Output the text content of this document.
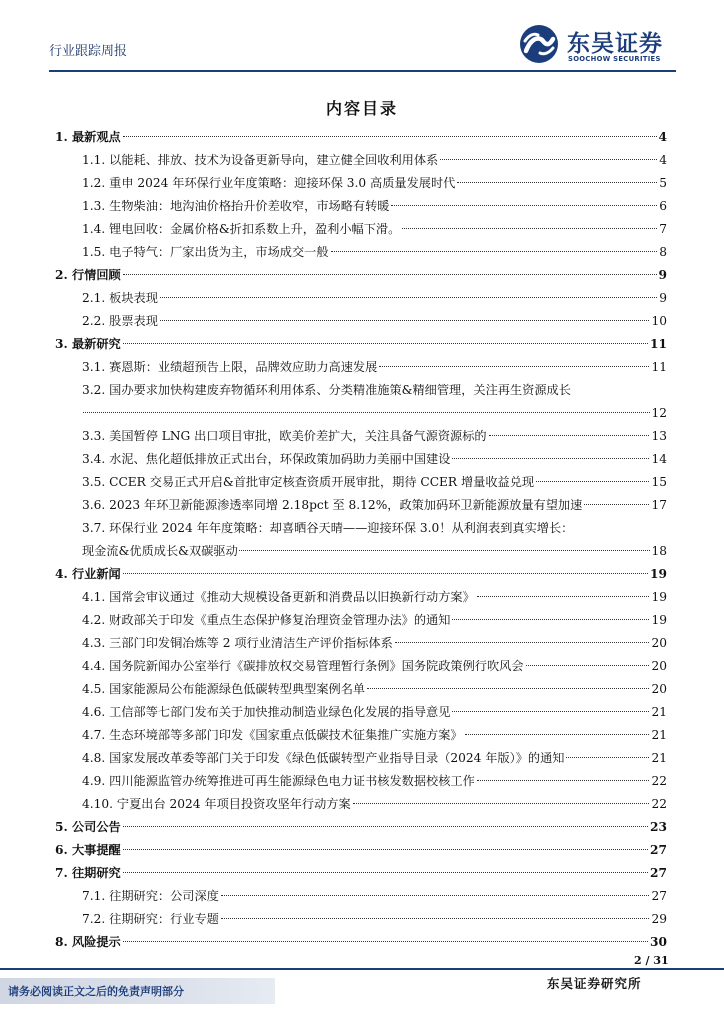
行业跟踪周报	东吴证券
SOOCHOW SECURITIES
内容目录
1. 最新观点	4
1.1. 以能耗、排放、技术为设备更新导向，建立健全回收利用体系	4
1.2. 重申 2024 年环保行业年度策略：迎接环保 3.0 高质量发展时代	5
1.3. 生物柴油：地沟油价格抬升价差收窄，市场略有转暖	6
1.4. 锂电回收：金属价格&折扣系数上升，盈利小幅下滑。	7
1.5. 电子特气：厂家出货为主，市场成交一般	8
2. 行情回顾	9
2.1. 板块表现	9
2.2. 股票表现	10
3. 最新研究	11
3.1. 赛恩斯：业绩超预告上限，品牌效应助力高速发展	11
3.2. 国办要求加快构建废弃物循环利用体系、分类精准施策&精细管理，关注再生资源成长
12
3.3. 美国暂停 LNG 出口项目审批，欧美价差扩大，关注具备气源资源标的	13
3.4. 水泥、焦化超低排放正式出台，环保政策加码助力美丽中国建设	14
3.5. CCER 交易正式开启&首批审定核查资质开展审批，期待 CCER 增量收益兑现	15
3.6. 2023 年环卫新能源渗透率同增 2.18pct 至 8.12%，政策加码环卫新能源放量有望加速	17
3.7. 环保行业 2024 年年度策略：却喜晒谷天晴——迎接环保 3.0！从利润表到真实增长：
现金流&优质成长&双碳驱动	18
4. 行业新闻	19
4.1. 国常会审议通过《推动大规模设备更新和消费品以旧换新行动方案》	19
4.2. 财政部关于印发《重点生态保护修复治理资金管理办法》的通知	19
4.3. 三部门印发铜冶炼等 2 项行业清洁生产评价指标体系	20
4.4. 国务院新闻办公室举行《碳排放权交易管理暂行条例》国务院政策例行吹风会	20
4.5. 国家能源局公布能源绿色低碳转型典型案例名单	20
4.6. 工信部等七部门发布关于加快推动制造业绿色化发展的指导意见	21
4.7. 生态环境部等多部门印发《国家重点低碳技术征集推广实施方案》	21
4.8. 国家发展改革委等部门关于印发《绿色低碳转型产业指导目录（2024 年版）》的通知	21
4.9. 四川能源监管办统筹推进可再生能源绿色电力证书核发数据校核工作	22
4.10. 宁夏出台 2024 年项目投资攻坚年行动方案	22
5. 公司公告	23
6. 大事提醒	27
7. 往期研究	27
7.1. 往期研究：公司深度	27
7.2. 往期研究：行业专题	29
8. 风险提示	30
2 / 31
请务必阅读正文之后的免责声明部分
东吴证券研究所
